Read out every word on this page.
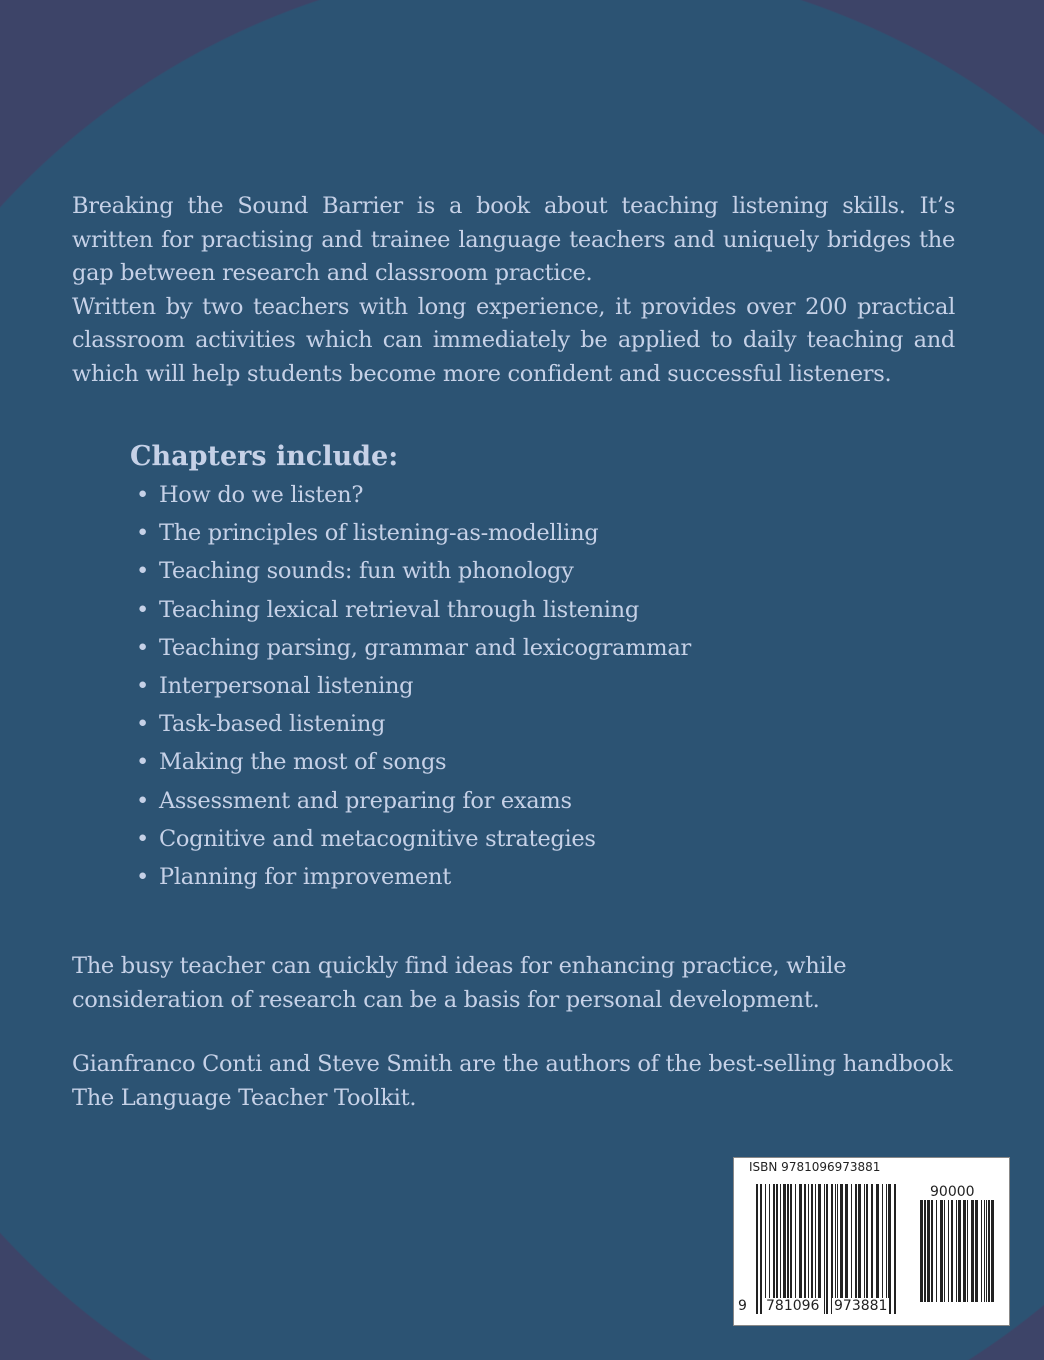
Breaking the Sound Barrier is a book about teaching listening skills. It’s written for practising and trainee language teachers and uniquely bridges the gap between research and classroom practice.
Written by two teachers with long experience, it provides over 200 practical classroom activities which can immediately be applied to daily teaching and which will help students become more confident and successful listeners.
Chapters include:
• How do we listen?
• The principles of listening-as-modelling
• Teaching sounds: fun with phonology
• Teaching lexical retrieval through listening
• Teaching parsing, grammar and lexicogrammar
• Interpersonal listening
• Task-based listening
• Making the most of songs
• Assessment and preparing for exams
• Cognitive and metacognitive strategies
• Planning for improvement
The busy teacher can quickly find ideas for enhancing practice, while consideration of research can be a basis for personal development.
Gianfranco Conti and Steve Smith are the authors of the best-selling handbook The Language Teacher Toolkit.
ISBN 9781096973881
9 781096 973881
90000
